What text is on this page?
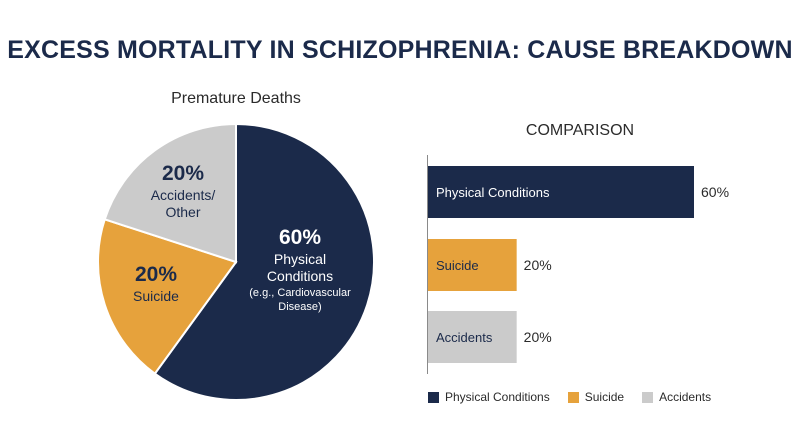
EXCESS MORTALITY IN SCHIZOPHRENIA: CAUSE BREAKDOWN
Premature Deaths
COMPARISON
60%
Physical
Conditions
(e.g., Cardiovascular
Disease)
20%
Suicide
20%
Accidents/
Other
Physical Conditions	60%
Suicide	20%
Accidents 20%
Physical Conditions	Suicide	Accidents
